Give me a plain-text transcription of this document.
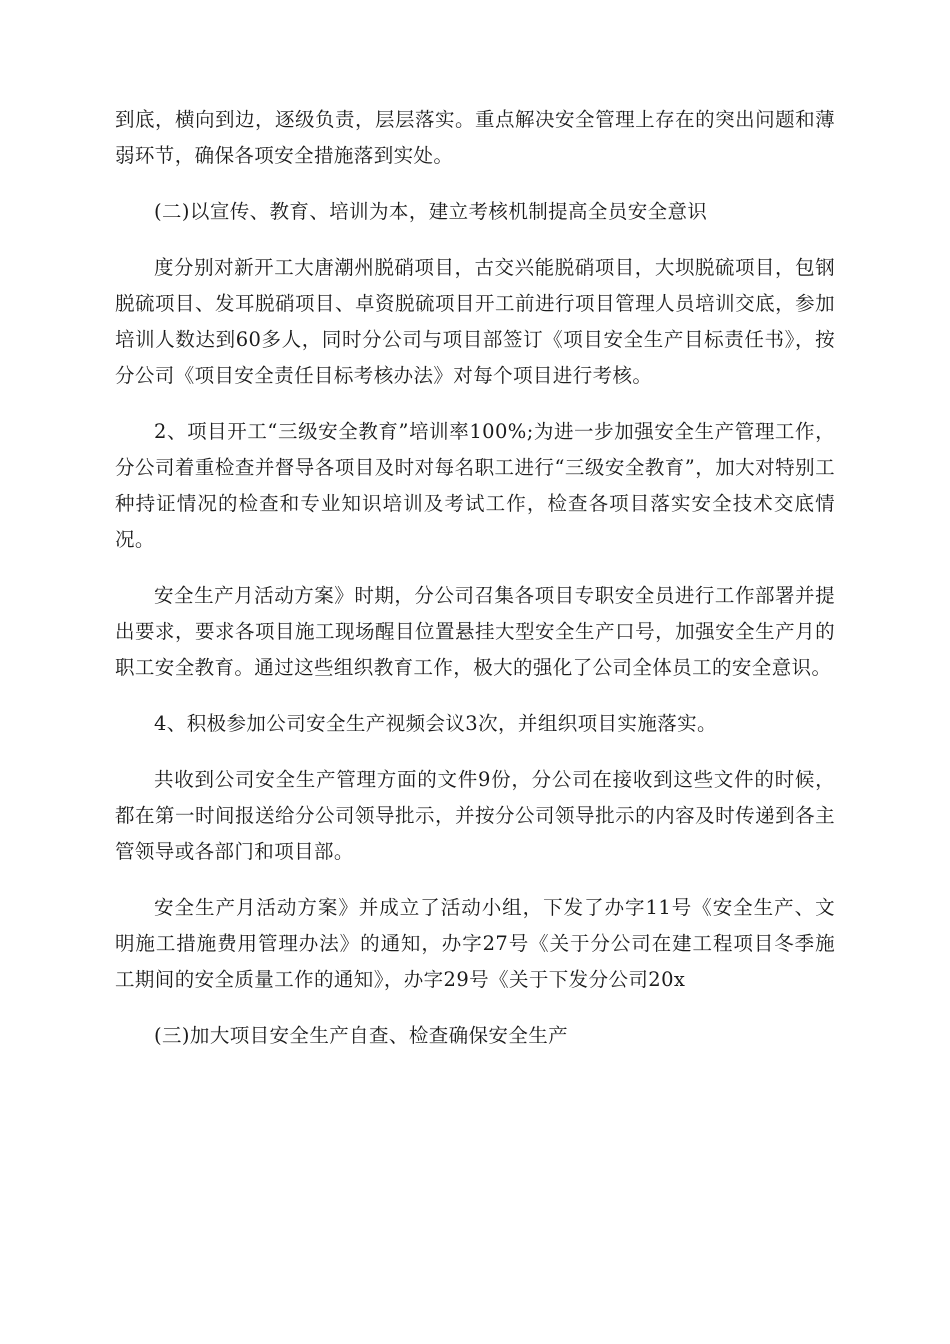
到底，横向到边，逐级负责，层层落实。重点解决安全管理上存在的突出问题和薄弱环节，确保各项安全措施落到实处。

(二)以宣传、教育、培训为本，建立考核机制提高全员安全意识

度分别对新开工大唐潮州脱硝项目，古交兴能脱硝项目，大坝脱硫项目，包钢脱硫项目、发耳脱硝项目、卓资脱硫项目开工前进行项目管理人员培训交底，参加培训人数达到60多人，同时分公司与项目部签订《项目安全生产目标责任书》，按分公司《项目安全责任目标考核办法》对每个项目进行考核。

2、项目开工“三级安全教育”培训率100%;为进一步加强安全生产管理工作，分公司着重检查并督导各项目及时对每名职工进行“三级安全教育”，加大对特别工种持证情况的检查和专业知识培训及考试工作，检查各项目落实安全技术交底情况。

安全生产月活动方案》时期，分公司召集各项目专职安全员进行工作部署并提出要求，要求各项目施工现场醒目位置悬挂大型安全生产口号，加强安全生产月的职工安全教育。通过这些组织教育工作，极大的强化了公司全体员工的安全意识。

4、积极参加公司安全生产视频会议3次，并组织项目实施落实。

共收到公司安全生产管理方面的文件9份，分公司在接收到这些文件的时候，都在第一时间报送给分公司领导批示，并按分公司领导批示的内容及时传递到各主管领导或各部门和项目部。

安全生产月活动方案》并成立了活动小组，下发了办字11号《安全生产、文明施工措施费用管理办法》的通知，办字27号《关于分公司在建工程项目冬季施工期间的安全质量工作的通知》，办字29号《关于下发分公司20x

(三)加大项目安全生产自查、检查确保安全生产
